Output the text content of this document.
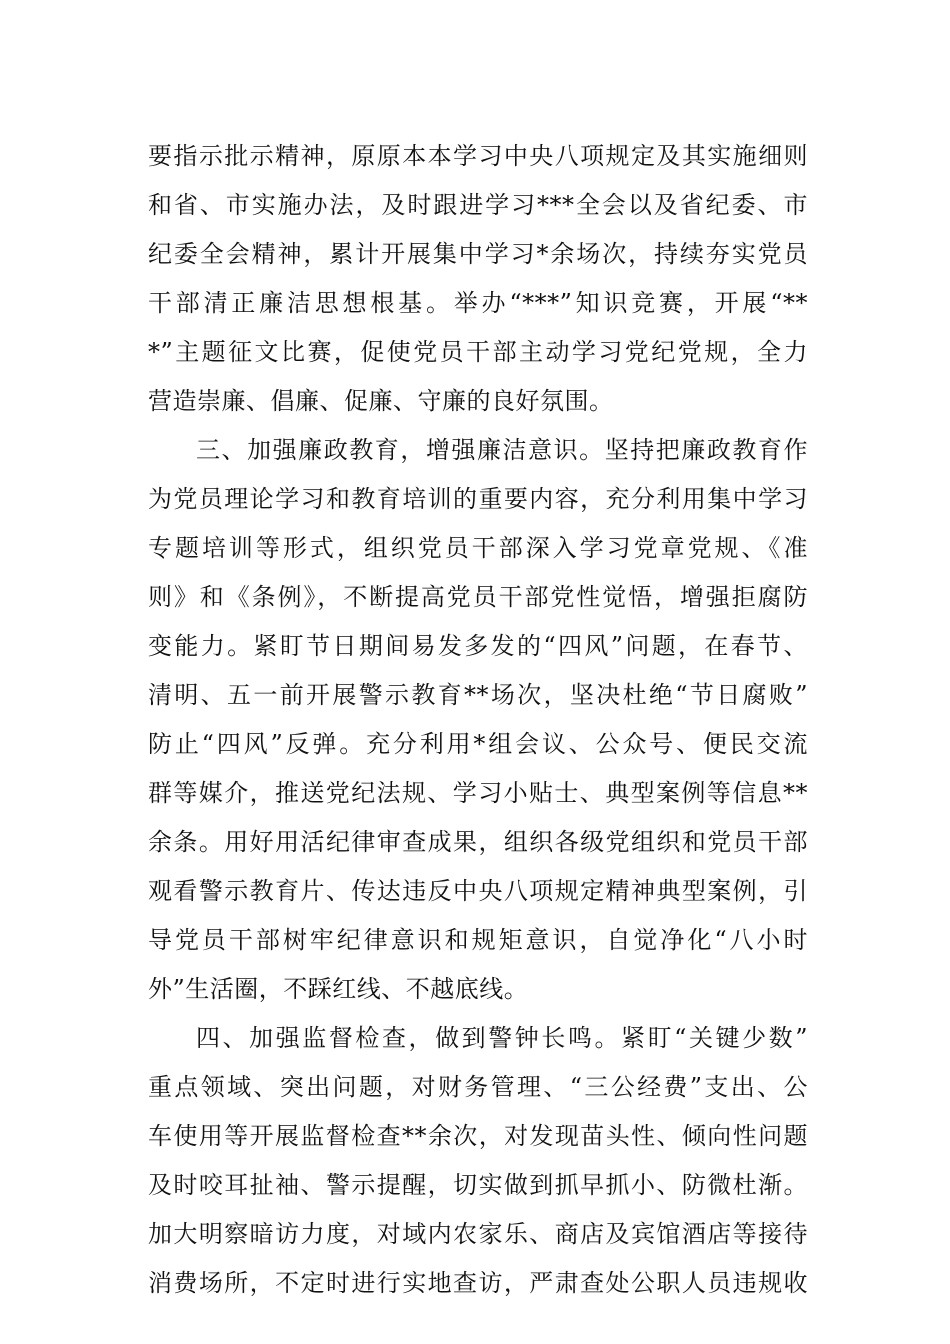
要指示批示精神，原原本本学习中央八项规定及其实施细则
和省、市实施办法，及时跟进学习***全会以及省纪委、市
纪委全会精神，累计开展集中学习*余场次，持续夯实党员
干部清正廉洁思想根基。举办“***”知识竞赛，开展“**
*”主题征文比赛，促使党员干部主动学习党纪党规，全力
营造崇廉、倡廉、促廉、守廉的良好氛围。
三、加强廉政教育，增强廉洁意识。坚持把廉政教育作
为党员理论学习和教育培训的重要内容，充分利用集中学习
专题培训等形式，组织党员干部深入学习党章党规、《准
则》和《条例》，不断提高党员干部党性觉悟，增强拒腐防
变能力。紧盯节日期间易发多发的“四风”问题，在春节、
清明、五一前开展警示教育**场次，坚决杜绝“节日腐败”
防止“四风”反弹。充分利用*组会议、公众号、便民交流
群等媒介，推送党纪法规、学习小贴士、典型案例等信息**
余条。用好用活纪律审查成果，组织各级党组织和党员干部
观看警示教育片、传达违反中央八项规定精神典型案例，引
导党员干部树牢纪律意识和规矩意识，自觉净化“八小时
外”生活圈，不踩红线、不越底线。
四、加强监督检查，做到警钟长鸣。紧盯“关键少数”
重点领域、突出问题，对财务管理、“三公经费”支出、公
车使用等开展监督检查**余次，对发现苗头性、倾向性问题
及时咬耳扯袖、警示提醒，切实做到抓早抓小、防微杜渐。
加大明察暗访力度，对域内农家乐、商店及宾馆酒店等接待
消费场所，不定时进行实地查访，严肃查处公职人员违规收
